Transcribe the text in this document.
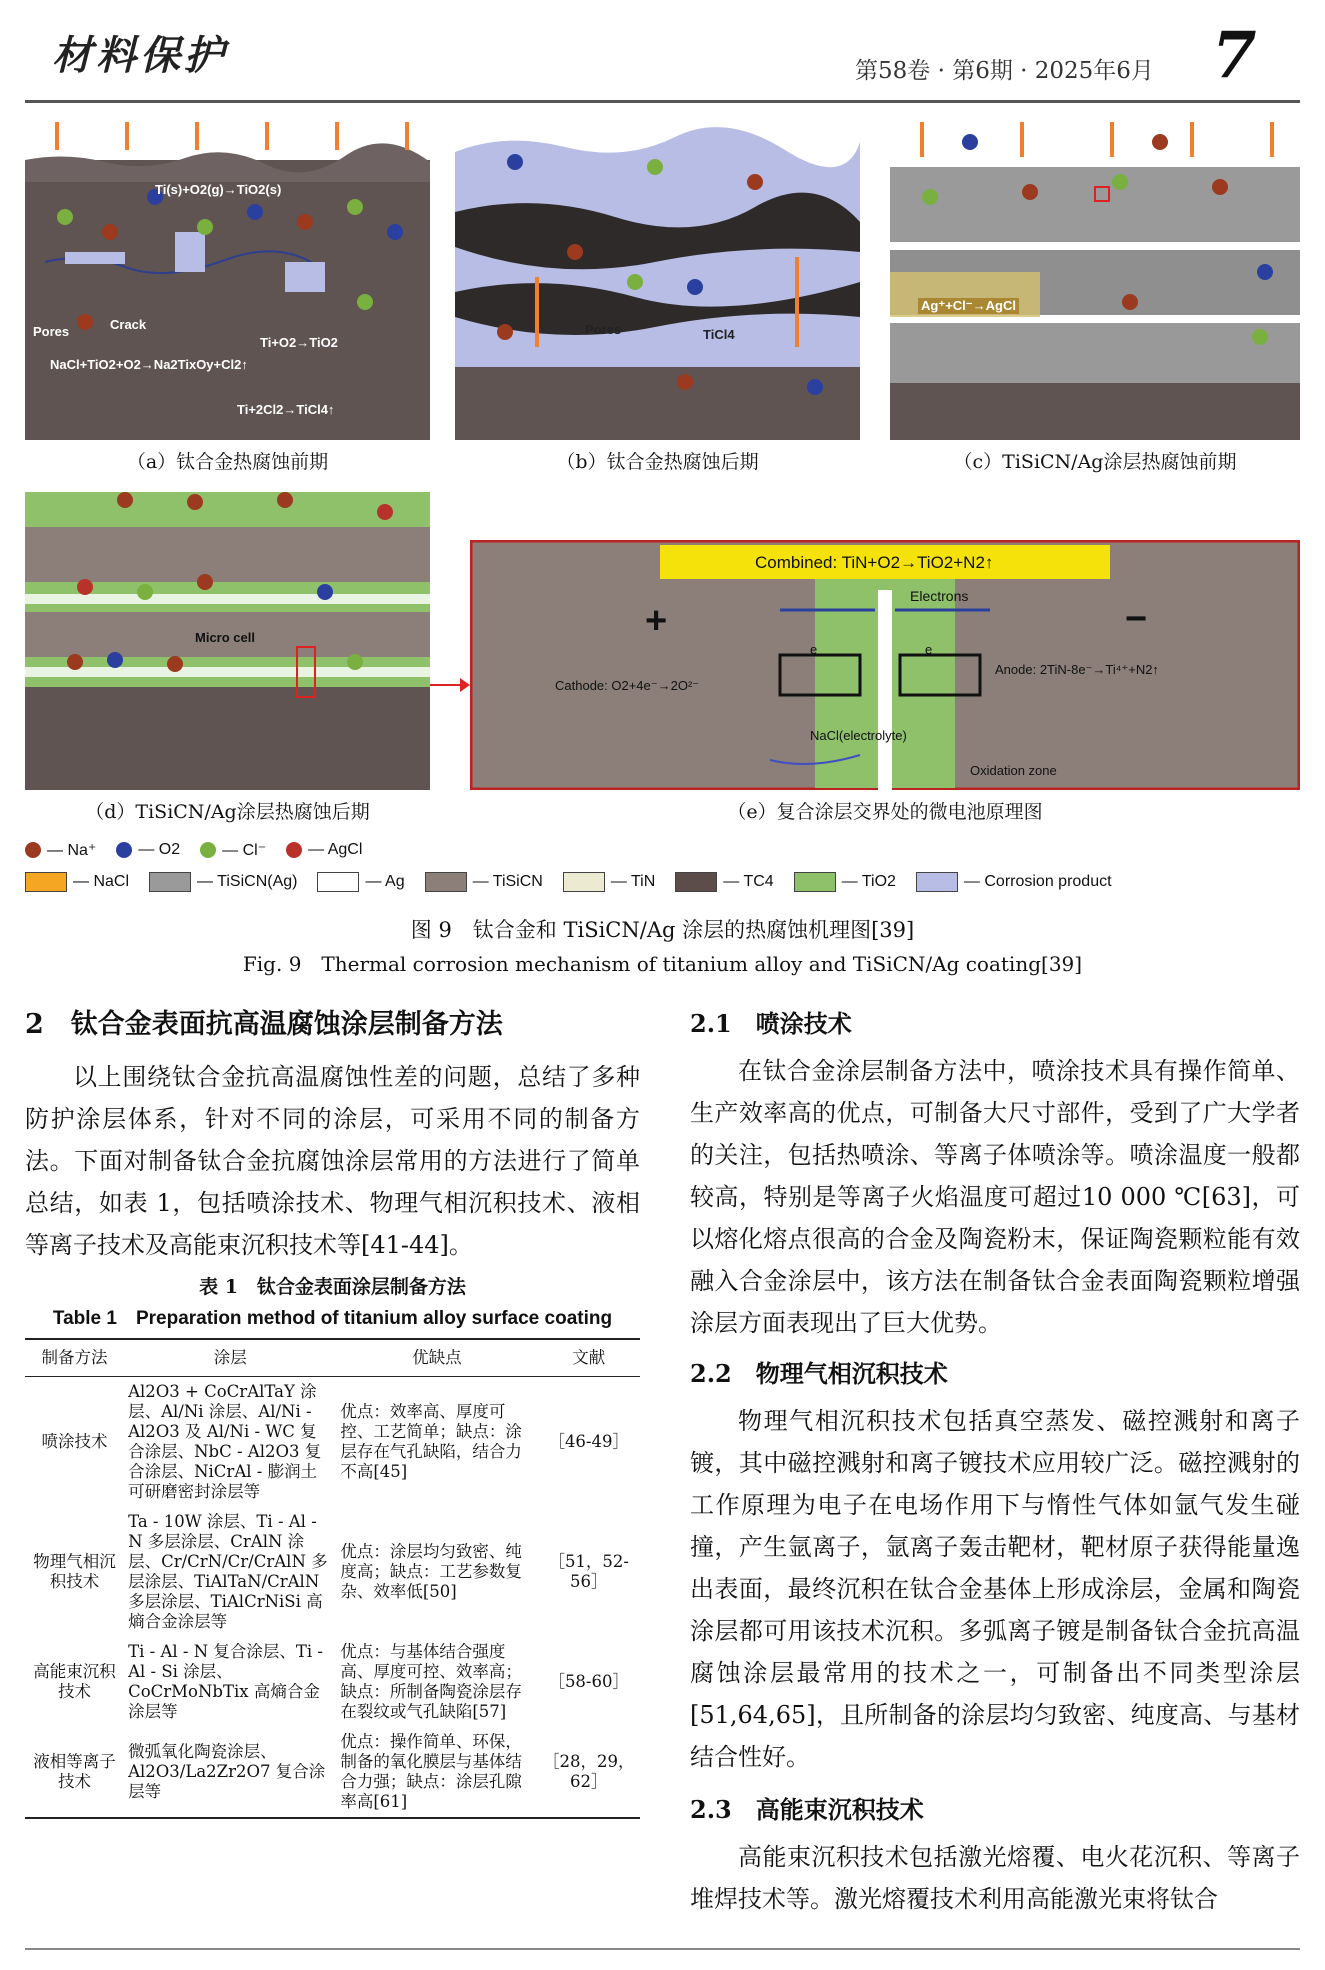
材料保护	第58卷 · 第6期 · 2025年6月 7
Ti(s)+O2(g)→TiO2(s)
Pores	Crack
Ti+O2→TiO2
NaCl+TiO2+O2→Na2TixOy+Cl2↑
Ti+2Cl2→TiCl4↑
（a）钛合金热腐蚀前期
Pores	TiCl4
（b）钛合金热腐蚀后期
Ag⁺+Cl⁻→AgCl
（c）TiSiCN/Ag涂层热腐蚀前期
Micro cell
（d）TiSiCN/Ag涂层热腐蚀后期
Combined: TiN+O2→TiO2+N2↑
Electrons
+	−
Cathode: O2+4e⁻→2O²⁻
Anode: 2TiN-8e⁻→Ti⁴⁺+N2↑
e	e
NaCl(electrolyte)
Oxidation zone
（e）复合涂层交界处的微电池原理图
— Na⁺	— O2	— Cl⁻	— AgCl
— NaCl	— TiSiCN(Ag)	— Ag	— TiSiCN	— TiN	— TC4	— TiO2	— Corrosion product
图 9　钛合金和 TiSiCN/Ag 涂层的热腐蚀机理图[39]
Fig. 9　Thermal corrosion mechanism of titanium alloy and TiSiCN/Ag coating[39]
2　钛合金表面抗高温腐蚀涂层制备方法
以上围绕钛合金抗高温腐蚀性差的问题，总结了多种防护涂层体系，针对不同的涂层，可采用不同的制备方法。下面对制备钛合金抗腐蚀涂层常用的方法进行了简单总结，如表 1，包括喷涂技术、物理气相沉积技术、液相等离子技术及高能束沉积技术等[41-44]。
表 1　钛合金表面涂层制备方法
Table 1　Preparation method of titanium alloy surface coating
制备方法	涂层	优缺点	文献
喷涂技术	Al2O3 + CoCrAlTaY 涂层、Al/Ni 涂层、Al/Ni - Al2O3 及 Al/Ni - WC 复合涂层、NbC - Al2O3 复合涂层、NiCrAl - 膨润土可研磨密封涂层等	优点：效率高、厚度可控、工艺简单；缺点：涂层存在气孔缺陷，结合力不高[45]	［46-49］
物理气相沉积技术	Ta - 10W 涂层、Ti - Al - N 多层涂层、CrAlN 涂层、Cr/CrN/Cr/CrAlN 多层涂层、TiAlTaN/CrAlN 多层涂层、TiAlCrNiSi 高熵合金涂层等	优点：涂层均匀致密、纯度高；缺点：工艺参数复杂、效率低[50]	［51，52-56］
高能束沉积技术	Ti - Al - N 复合涂层、Ti - Al - Si 涂层、CoCrMoNbTix 高熵合金涂层等	优点：与基体结合强度高、厚度可控、效率高；缺点：所制备陶瓷涂层存在裂纹或气孔缺陷[57]	［58-60］
液相等离子技术	微弧氧化陶瓷涂层、Al2O3/La2Zr2O7 复合涂层等	优点：操作简单、环保，制备的氧化膜层与基体结合力强；缺点：涂层孔隙率高[61]	［28，29，62］
2.1　喷涂技术
在钛合金涂层制备方法中，喷涂技术具有操作简单、生产效率高的优点，可制备大尺寸部件，受到了广大学者的关注，包括热喷涂、等离子体喷涂等。喷涂温度一般都较高，特别是等离子火焰温度可超过10 000 ℃[63]，可以熔化熔点很高的合金及陶瓷粉末，保证陶瓷颗粒能有效融入合金涂层中，该方法在制备钛合金表面陶瓷颗粒增强涂层方面表现出了巨大优势。
2.2　物理气相沉积技术
物理气相沉积技术包括真空蒸发、磁控溅射和离子镀，其中磁控溅射和离子镀技术应用较广泛。磁控溅射的工作原理为电子在电场作用下与惰性气体如氩气发生碰撞，产生氩离子，氩离子轰击靶材，靶材原子获得能量逸出表面，最终沉积在钛合金基体上形成涂层，金属和陶瓷涂层都可用该技术沉积。多弧离子镀是制备钛合金抗高温腐蚀涂层最常用的技术之一，可制备出不同类型涂层[51,64,65]，且所制备的涂层均匀致密、纯度高、与基材结合性好。
2.3　高能束沉积技术
高能束沉积技术包括激光熔覆、电火花沉积、等离子堆焊技术等。激光熔覆技术利用高能激光束将钛合
